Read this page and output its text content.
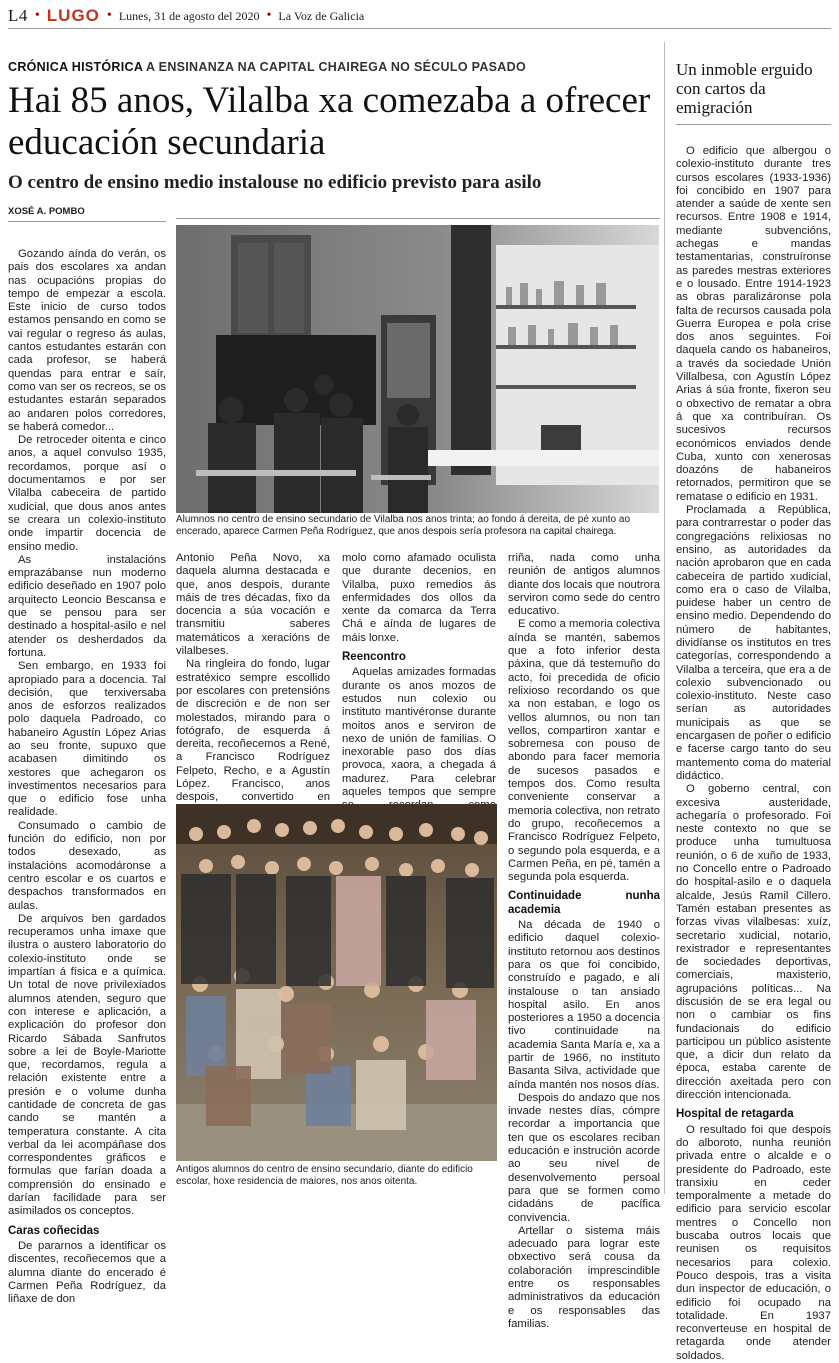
L4 • LUGO • Lunes, 31 de agosto del 2020 • La Voz de Galicia
CRÓNICA HISTÓRICA A ENSINANZA NA CAPITAL CHAIREGA NO SÉCULO PASADO
Hai 85 anos, Vilalba xa comezaba a ofrecer educación secundaria
O centro de ensino medio instalouse no edificio previsto para asilo
XOSÉ A. POMBO

Gozando aínda do verán, os pais dos escolares xa andan nas ocupacións propias do tempo de empezar a escola. Este inicio de curso todos estamos pensando en como se vai regular o regreso ás aulas, cantos estudantes estarán con cada profesor, se haberá quendas para entrar e saír, como van ser os recreos, se os estudantes estarán separados ao andaren polos corredores, se haberá comedor...

De retroceder oitenta e cinco anos, a aquel convulso 1935, recordamos, porque así o documentamos e por ser Vilalba cabeceira de partido xudicial, que dous anos antes se creara un colexio-instituto onde impartir docencia de ensino medio.

As instalacións emprazábanse nun moderno edificio deseñado en 1907 polo arquitecto Leoncio Bescansa e que se pensou para ser destinado a hospital-asilo e nel atender os desherdados da fortuna.

Sen embargo, en 1933 foi apropiado para a docencia. Tal decisión, que terxiversaba anos de esforzos realizados polo daquela Padroado, co habaneiro Agustín López Arias ao seu fronte, supuxo que acabasen dimitindo os xestores que achegaron os investimentos necesarios para que o edificio fose unha realidade.

Consumado o cambio de función do edificio, non por todos desexado, as instalacións acomodáronse a centro escolar e os cuartos e despachos transformados en aulas.

De arquivos ben gardados recuperamos unha imaxe que ilustra o austero laboratorio do colexio-instituto onde se impartían á física e a química. Un total de nove privilexiados alumnos atenden, seguro que con interese e aplicación, a explicación do profesor don Ricardo Sábada Sanfrutos sobre a lei de Boyle-Mariotte que, recordamos, regula a relación existente entre a presión e o volume dunha cantidade de concreta de gas cando se mantén a temperatura constante. A cita verbal da lei acompáñase dos correspondentes gráficos e formulas que farían doada a comprensión do ensinado e darían facilidade para ser asimilados os conceptos.

Caras coñecidas

De pararnos a identificar os discentes, recoñecemos que a alumna diante do encerado é Carmen Peña Rodríguez, da liñaxe de don

Alumnos no centro de ensino secundario de Vilalba nos anos trinta; ao fondo á dereita, de pé xunto ao encerado, aparece Carmen Peña Rodríguez, que anos despois sería profesora na capital chairega.

Antonio Peña Novo, xa daquela alumna destacada e que, anos despois, durante máis de tres décadas, fixo da docencia a súa vocación e transmitiu saberes matemáticos a xeracións de vilalbeses.

Na ringleira do fondo, lugar estratéxico sempre escollido por escolares con pretensións de discreción e de non ser molestados, mirando para o fotógrafo, de esquerda á dereita, recoñecemos a René, a Francisco Rodríguez Felpeto, Recho, e a Agustín López. Francisco, anos despois, convertido en

molo como afamado oculista que durante decenios, en Vilalba, puxo remedios ás enfermidades dos ollos da xente da comarca da Terra Chá e aínda de lugares de máis lonxe.

Reencontro

Aquelas amizades formadas durante os anos mozos de estudos nun colexio ou instituto mantivéronse durante moitos anos e serviron de nexo de unión de familias. O inexorable paso dos días provoca, xaora, a chegada á madurez. Para celebrar aqueles tempos que sempre

Antigos alumnos do centro de ensino secundario, diante do edificio escolar, hoxe residencia de maiores, nos anos oitenta.

rriña, nada como unha reunión de antigos alumnos diante dos locais que noutrora serviron como sede do centro educativo.

E como a memoria colectiva aínda se mantén, sabemos que a foto inferior desta páxina, que dá testemuño do acto, foi precedida de oficio relixioso recordando os que xa non estaban, e logo os vellos alumnos, ou non tan vellos, compartiron xantar e sobremesa con pouso de abondo para facer memoria de sucesos pasados e tempos dos. Como resulta conveniente conservar a memoria colectiva, non retrato do grupo, recoñecemos a Francisco Rodríguez Felpeto, o segundo pola esquerda, e a Carmen Peña, en pé, tamén a segunda pola esquerda.

Continuidade nunha academia

Na década de 1940 o edificio daquel colexio-instituto retornou aos destinos para os que foi concibido, construído e pagado, e alí instalouse o tan ansiado hospital asilo. En anos posteriores a 1950 a docencia tivo continuidade na academia Santa María e, xa a partir de 1966, no instituto Basanta Silva, actividade que aínda mantén nos nosos días.

Despois do andazo que nos invade nestes días, cómpre recordar a importancia que ten que os escolares reciban educación e instrución acorde ao seu nivel de desenvolvemento persoal para que se formen como cidadáns de pacífica convivencia.

Artellar o sistema máis adecuado para lograr este obxectivo será cousa da colaboración imprescindible entre os responsables administrativos da educación e os responsables das familias.

Un inmoble erguido con cartos da emigración

O edificio que albergou o colexio-instituto durante tres cursos escolares (1933-1936) foi concibido en 1907 para atender a saúde de xente sen recursos. Entre 1908 e 1914, mediante subvencións, achegas e mandas testamentarias, construíronse as paredes mestras exteriores e o lousado. Entre 1914-1923 as obras paralizáronse pola falta de recursos causada pola Guerra Europea e pola crise dos anos seguintes. Foi daquela cando os habaneiros, a través da sociedade Unión Villalbesa, con Agustín López Arias á súa fronte, fixeron seu o obxectivo de rematar a obra á que xa contribuíran. Os sucesivos recursos económicos enviados dende Cuba, xunto con xenerosas doazóns de habaneiros retornados, permitiron que se rematase o edificio en 1931.

Proclamada a República, para contrarrestar o poder das congregacións relixiosas no ensino, as autoridades da nación aprobaron que en cada cabeceira de partido xudicial, como era o caso de Vilalba, puidese haber un centro de ensino medio. Dependendo do número de habitantes, dividíanse os institutos en tres categorías, correspondendo a Vilalba a terceira, que era a de colexio subvencionado ou colexio-instituto. Neste caso serían as autoridades municipais as que se encargasen de poñer o edificio e facerse cargo tanto do seu mantemento coma do material didáctico.

O goberno central, con excesiva austeridade, achegaría o profesorado. Foi neste contexto no que se produce unha tumultuosa reunión, o 6 de xuño de 1933, no Concello entre o Padroado do hospital-asilo e o daquela alcalde, Jesús Ramil Cillero. Tamén estaban presentes as forzas vivas vilalbesas: xuíz, secretario xudicial, notario, rexistrador e representantes de sociedades deportivas, comerciais, maxisterio, agrupacións políticas... Na discusión de se era legal ou non o cambiar os fins fundacionais do edificio participou un público asistente que, a dicir dun relato da época, estaba carente de dirección axeitada pero con dirección intencionada.

Hospital de retagarda

O resultado foi que despois do alboroto, nunha reunión privada entre o alcalde e o presidente do Padroado, este transixiu en ceder temporalmente a metade do edificio para servicio escolar mentres o Concello non buscaba outros locais que reunisen os requisitos necesarios para colexio. Pouco despois, tras a visita dun inspector de educación, o edificio foi ocupado na totalidade. En 1937 reconverteuse en hospital de retagarda onde atender soldados.
